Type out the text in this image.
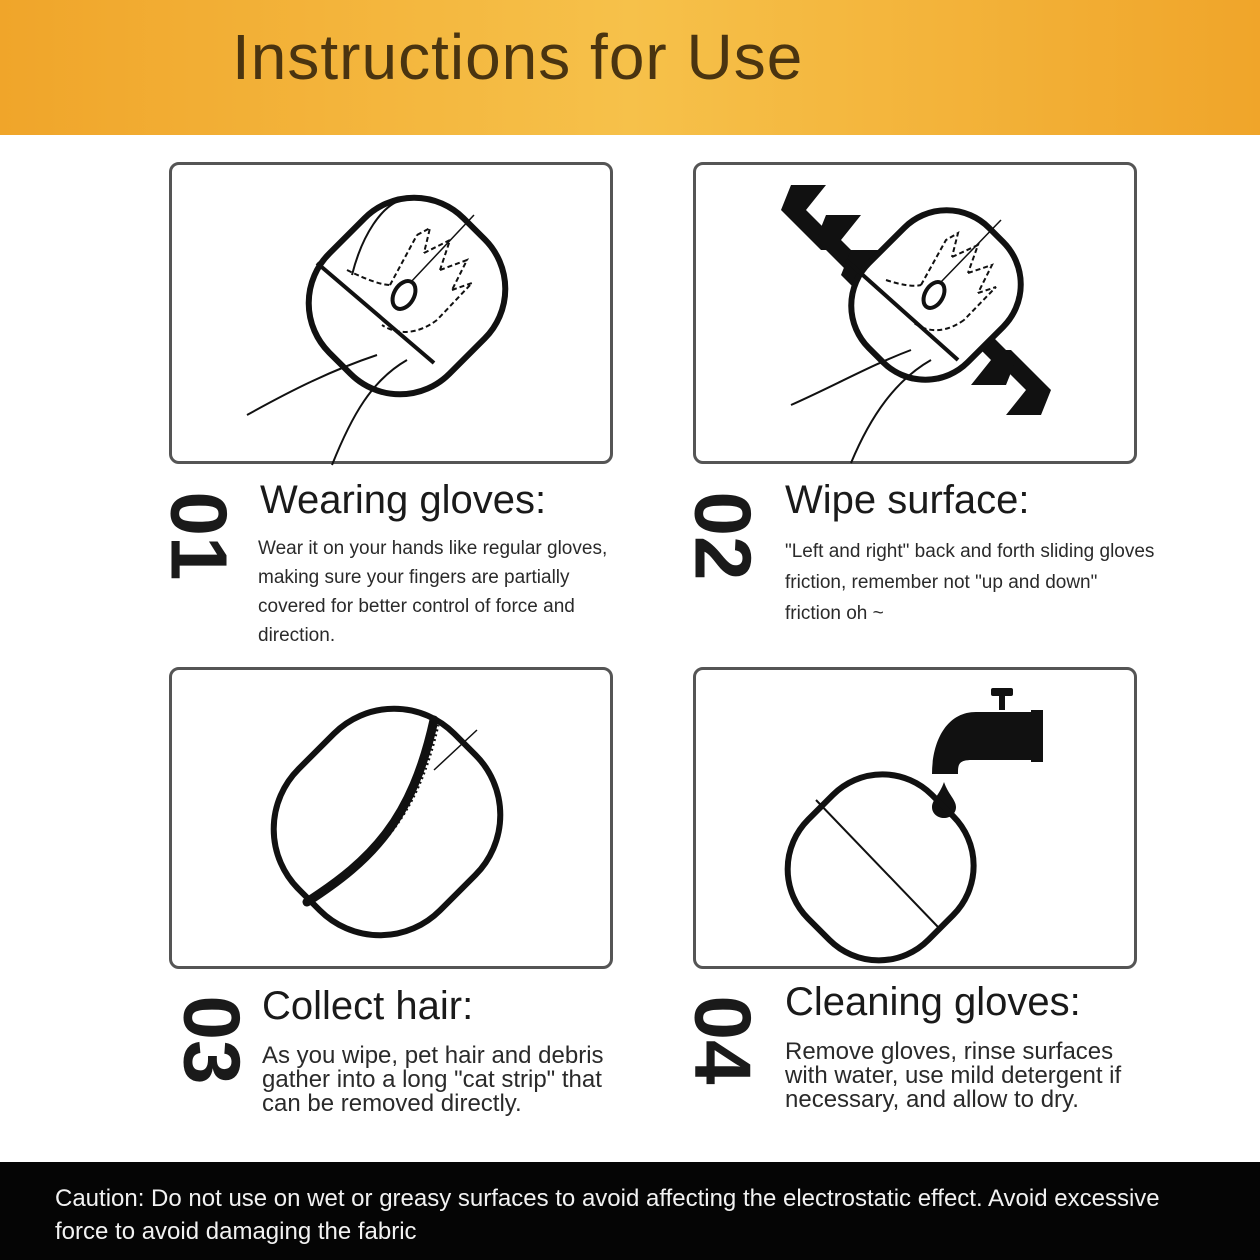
Instructions for Use
01 Wearing gloves:
Wear it on your hands like regular gloves, making sure your fingers are partially covered for better control of force and direction.
02 Wipe surface:
"Left and right" back and forth sliding gloves friction, remember not "up and down" friction oh ~
03 Collect hair:
As you wipe, pet hair and debris gather into a long "cat strip" that can be removed directly.
04 Cleaning gloves:
Remove gloves, rinse surfaces with water, use mild detergent if necessary, and allow to dry.
Caution: Do not use on wet or greasy surfaces to avoid affecting the electrostatic effect. Avoid excessive force to avoid damaging the fabric
